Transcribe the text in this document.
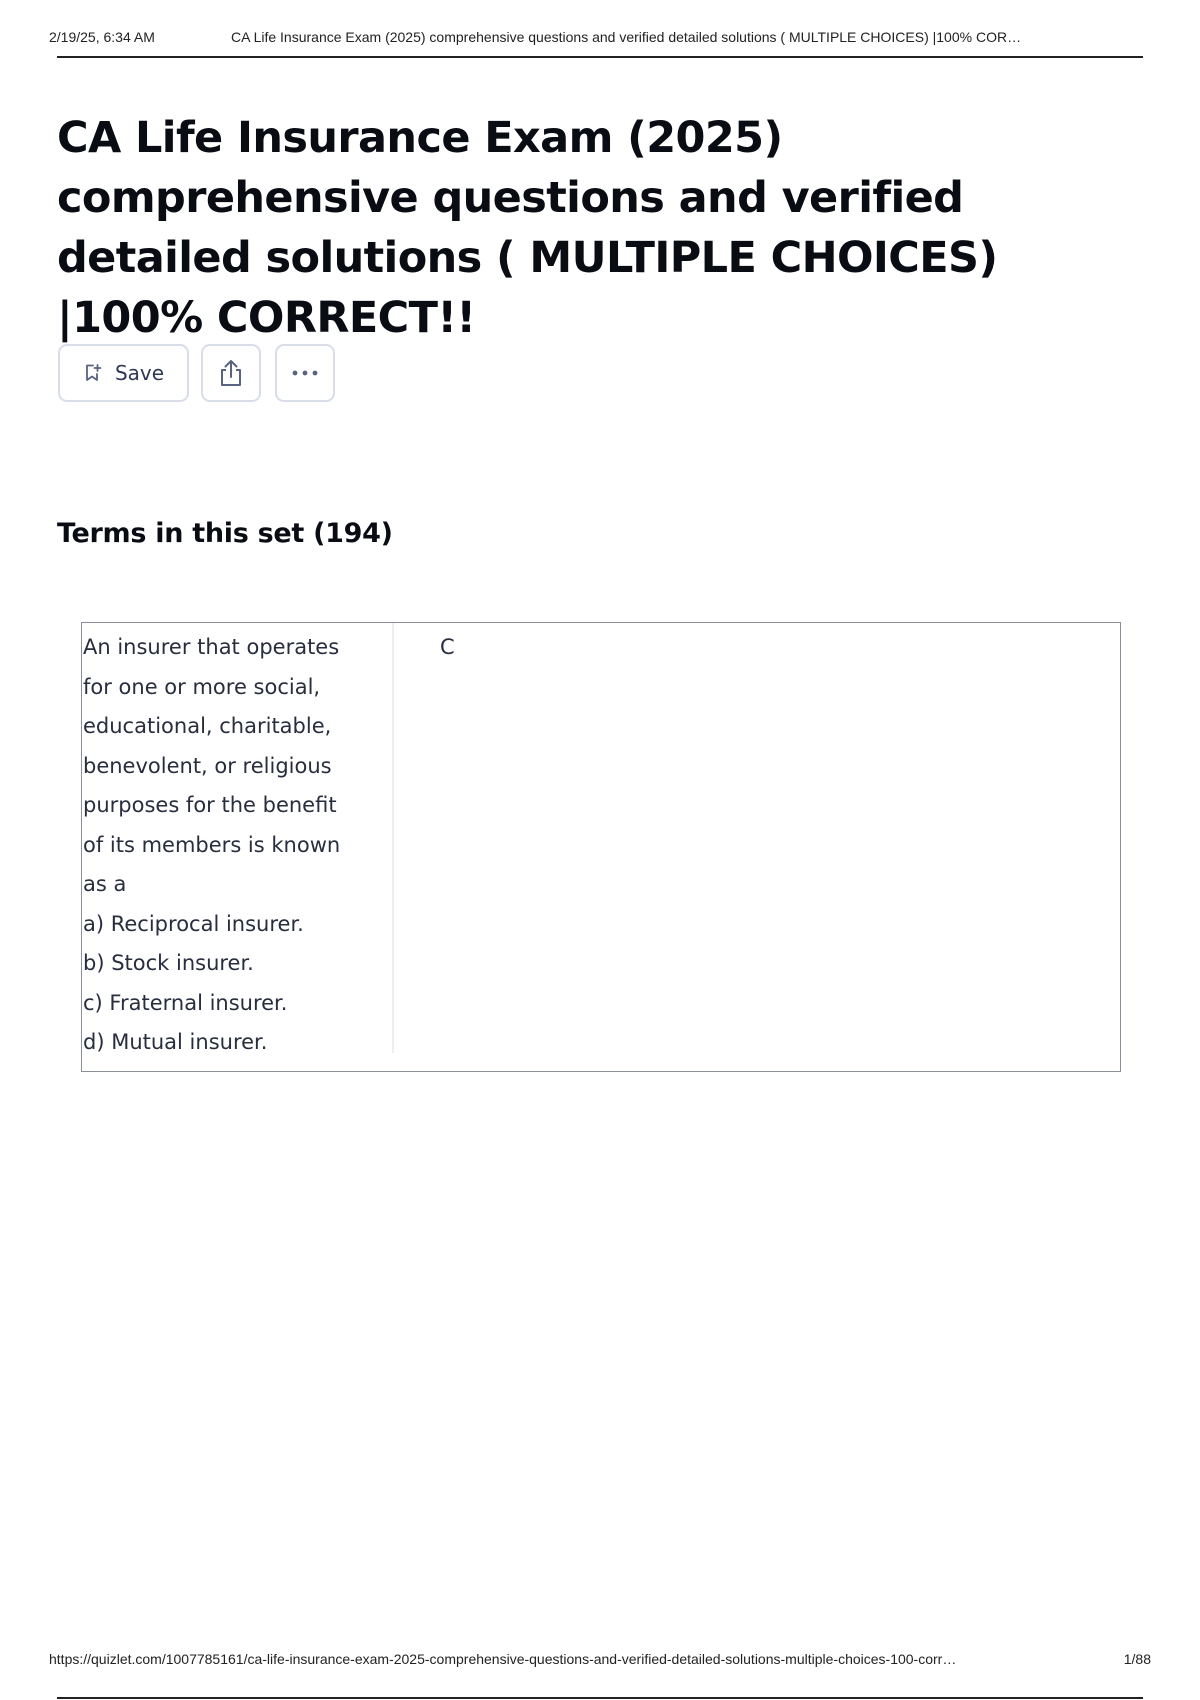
2/19/25, 6:34 AM	CA Life Insurance Exam (2025) comprehensive questions and verified detailed solutions ( MULTIPLE CHOICES) |100% COR…
CA Life Insurance Exam (2025) comprehensive questions and verified detailed solutions ( MULTIPLE CHOICES) |100% CORRECT!!
Save
Terms in this set (194)
An insurer that operates
for one or more social,
educational, charitable,
benevolent, or religious
purposes for the benefit
of its members is known
as a
a) Reciprocal insurer.
b) Stock insurer.
c) Fraternal insurer.
d) Mutual insurer.
C
https://quizlet.com/1007785161/ca-life-insurance-exam-2025-comprehensive-questions-and-verified-detailed-solutions-multiple-choices-100-corr…	1/88
